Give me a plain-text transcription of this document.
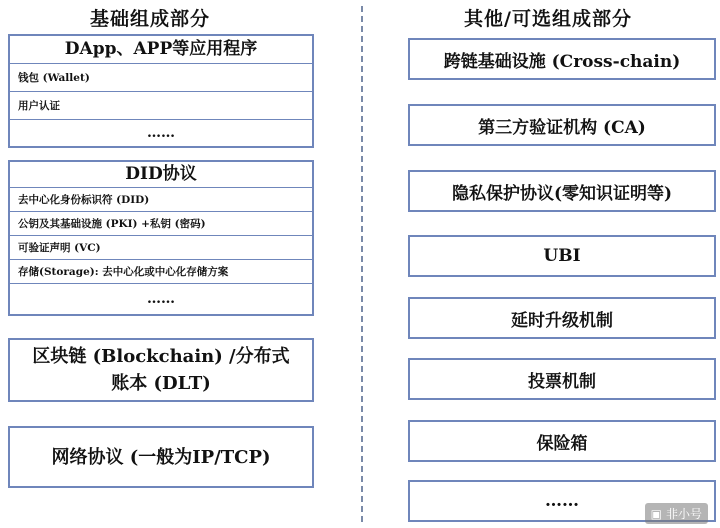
基础组成部分	其他/可选组成部分
DApp、APP等应用程序
钱包 (Wallet)
用户认证
……
DID协议
去中心化身份标识符 (DID)
公钥及其基础设施 (PKI) +私钥 (密码)
可验证声明 (VC)
存储(Storage): 去中心化或中心化存储方案
……
区块链 (Blockchain) /分布式
账本 (DLT)
网络协议 (一般为IP/TCP)
跨链基础设施 (Cross-chain)
第三方验证机构 (CA)
隐私保护协议(零知识证明等)
UBI
延时升级机制
投票机制
保险箱
……
▣ 非小号
